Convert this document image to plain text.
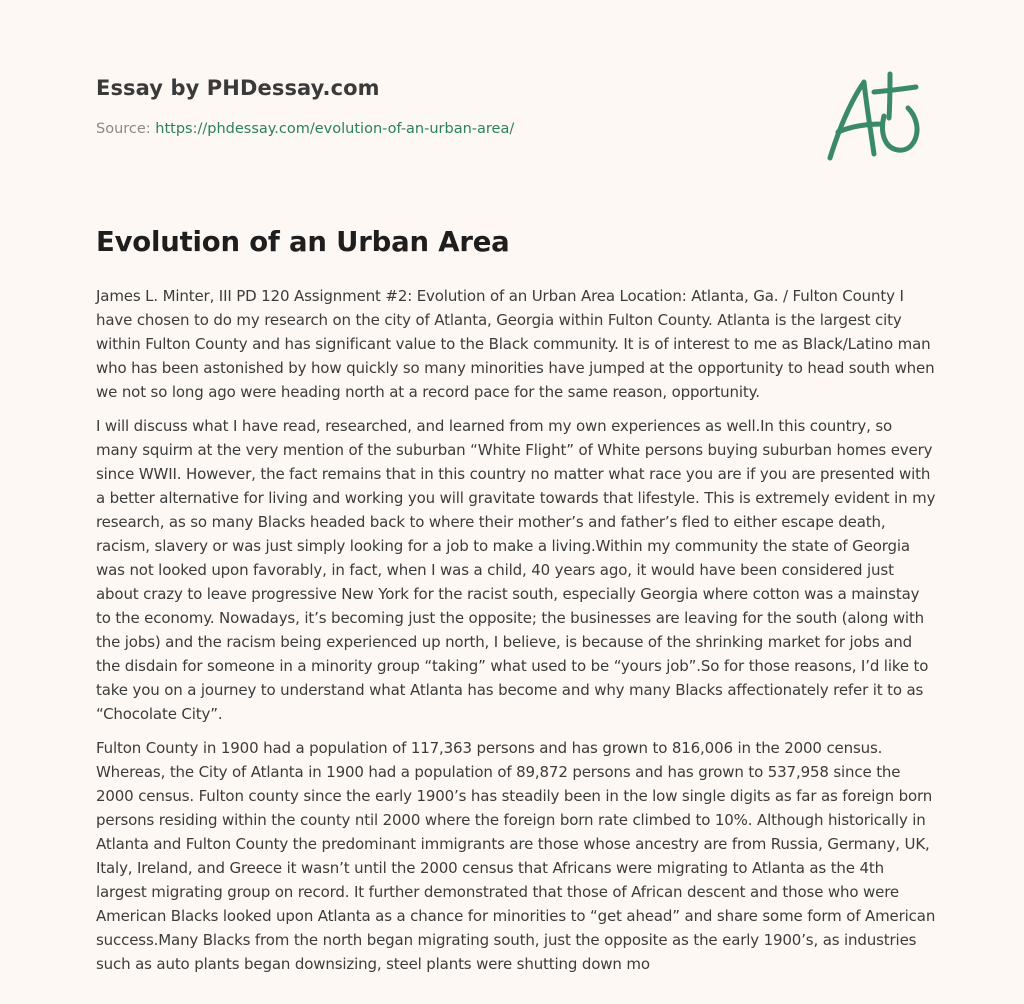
Essay by PHDessay.com
Source: https://phdessay.com/evolution-of-an-urban-area/
Evolution of an Urban Area

James L. Minter, III PD 120 Assignment #2: Evolution of an Urban Area Location: Atlanta, Ga. / Fulton County I have chosen to do my research on the city of Atlanta, Georgia within Fulton County. Atlanta is the largest city within Fulton County and has significant value to the Black community. It is of interest to me as Black/Latino man who has been astonished by how quickly so many minorities have jumped at the opportunity to head south when we not so long ago were heading north at a record pace for the same reason, opportunity.

I will discuss what I have read, researched, and learned from my own experiences as well.In this country, so many squirm at the very mention of the suburban “White Flight” of White persons buying suburban homes every since WWII. However, the fact remains that in this country no matter what race you are if you are presented with a better alternative for living and working you will gravitate towards that lifestyle. This is extremely evident in my research, as so many Blacks headed back to where their mother’s and father’s fled to either escape death, racism, slavery or was just simply looking for a job to make a living.Within my community the state of Georgia was not looked upon favorably, in fact, when I was a child, 40 years ago, it would have been considered just about crazy to leave progressive New York for the racist south, especially Georgia where cotton was a mainstay to the economy. Nowadays, it’s becoming just the opposite; the businesses are leaving for the south (along with the jobs) and the racism being experienced up north, I believe, is because of the shrinking market for jobs and the disdain for someone in a minority group “taking” what used to be “yours job”.So for those reasons, I’d like to take you on a journey to understand what Atlanta has become and why many Blacks affectionately refer it to as “Chocolate City”.

Fulton County in 1900 had a population of 117,363 persons and has grown to 816,006 in the 2000 census. Whereas, the City of Atlanta in 1900 had a population of 89,872 persons and has grown to 537,958 since the 2000 census. Fulton county since the early 1900’s has steadily been in the low single digits as far as foreign born persons residing within the county ntil 2000 where the foreign born rate climbed to 10%. Although historically in Atlanta and Fulton County the predominant immigrants are those whose ancestry are from Russia, Germany, UK, Italy, Ireland, and Greece it wasn’t until the 2000 census that Africans were migrating to Atlanta as the 4th largest migrating group on record. It further demonstrated that those of African descent and those who were American Blacks looked upon Atlanta as a chance for minorities to “get ahead” and share some form of American success.Many Blacks from the north began migrating south, just the opposite as the early 1900’s, as industries such as auto plants began downsizing, steel plants were shutting down mo
